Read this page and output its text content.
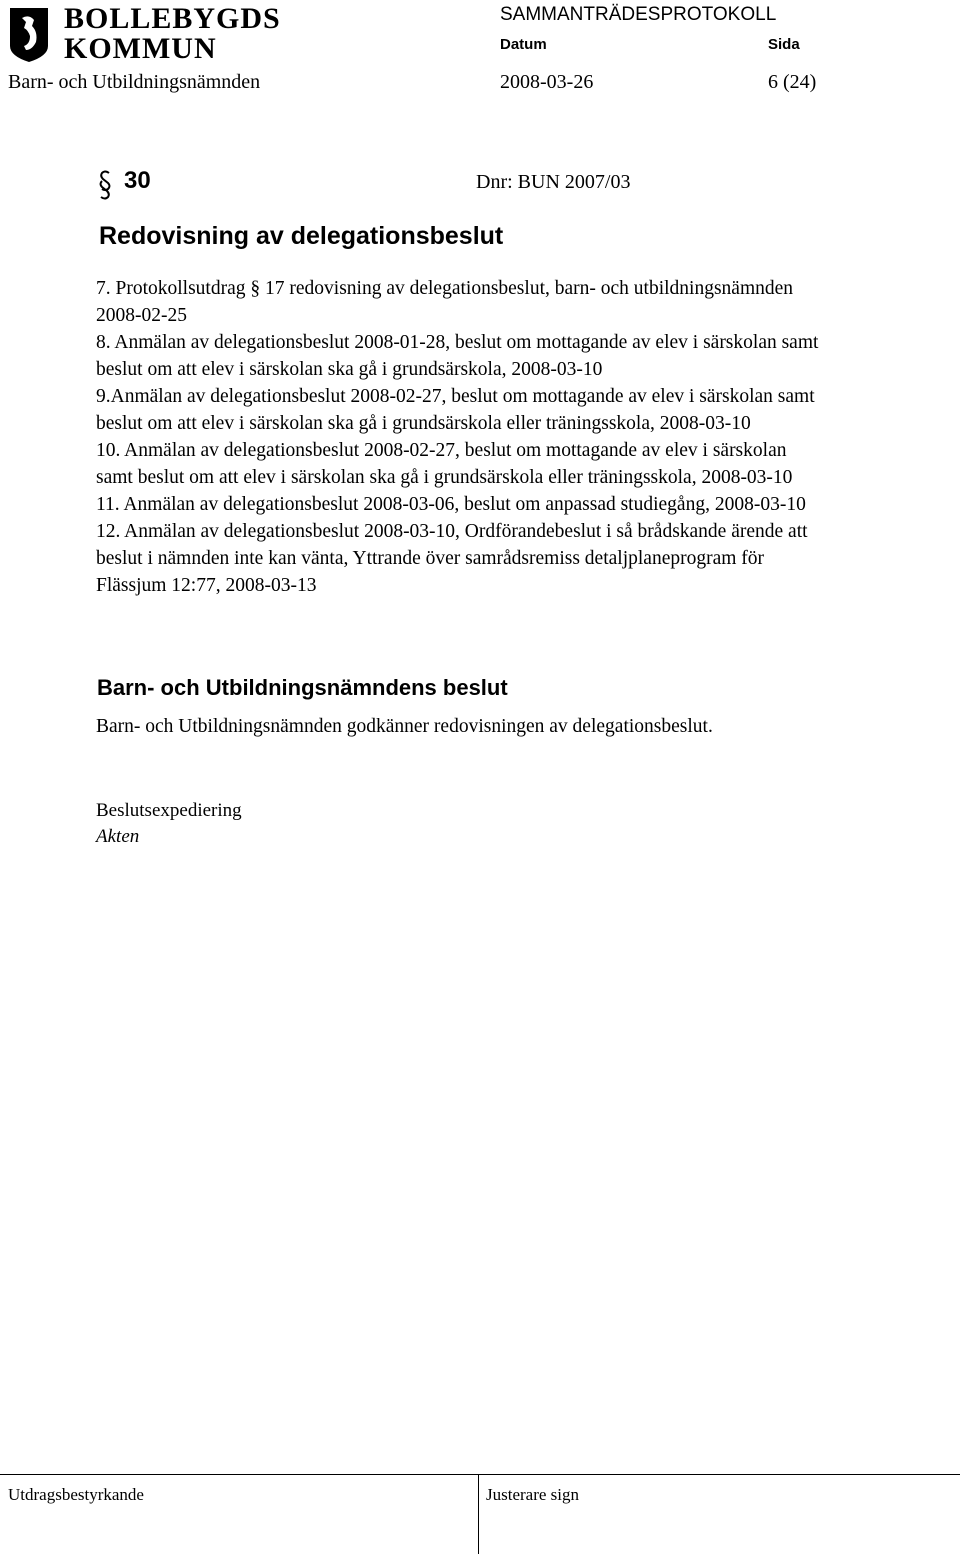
BOLLEBYGDS
KOMMUN
SAMMANTRÄDESPROTOKOLL
Datum	Sida
Barn- och Utbildningsnämnden	2008-03-26	6 (24)
30	Dnr: BUN 2007/03
Redovisning av delegationsbeslut
7. Protokollsutdrag § 17 redovisning av delegationsbeslut, barn- och utbildningsnämnden
2008-02-25
8. Anmälan av delegationsbeslut 2008-01-28, beslut om mottagande av elev i särskolan samt
beslut om att elev i särskolan ska gå i grundsärskola, 2008-03-10
9.Anmälan av delegationsbeslut 2008-02-27, beslut om mottagande av elev i särskolan samt
beslut om att elev i särskolan ska gå i grundsärskola eller träningsskola, 2008-03-10
10. Anmälan av delegationsbeslut 2008-02-27, beslut om mottagande av elev i särskolan
samt beslut om att elev i särskolan ska gå i grundsärskola eller träningsskola, 2008-03-10
11. Anmälan av delegationsbeslut 2008-03-06, beslut om anpassad studiegång, 2008-03-10
12. Anmälan av delegationsbeslut 2008-03-10, Ordförandebeslut i så brådskande ärende att
beslut i nämnden inte kan vänta, Yttrande över samrådsremiss detaljplaneprogram för
Flässjum 12:77, 2008-03-13
Barn- och Utbildningsnämndens beslut
Barn- och Utbildningsnämnden godkänner redovisningen av delegationsbeslut.
Beslutsexpediering
Akten
Utdragsbestyrkande	Justerare sign
